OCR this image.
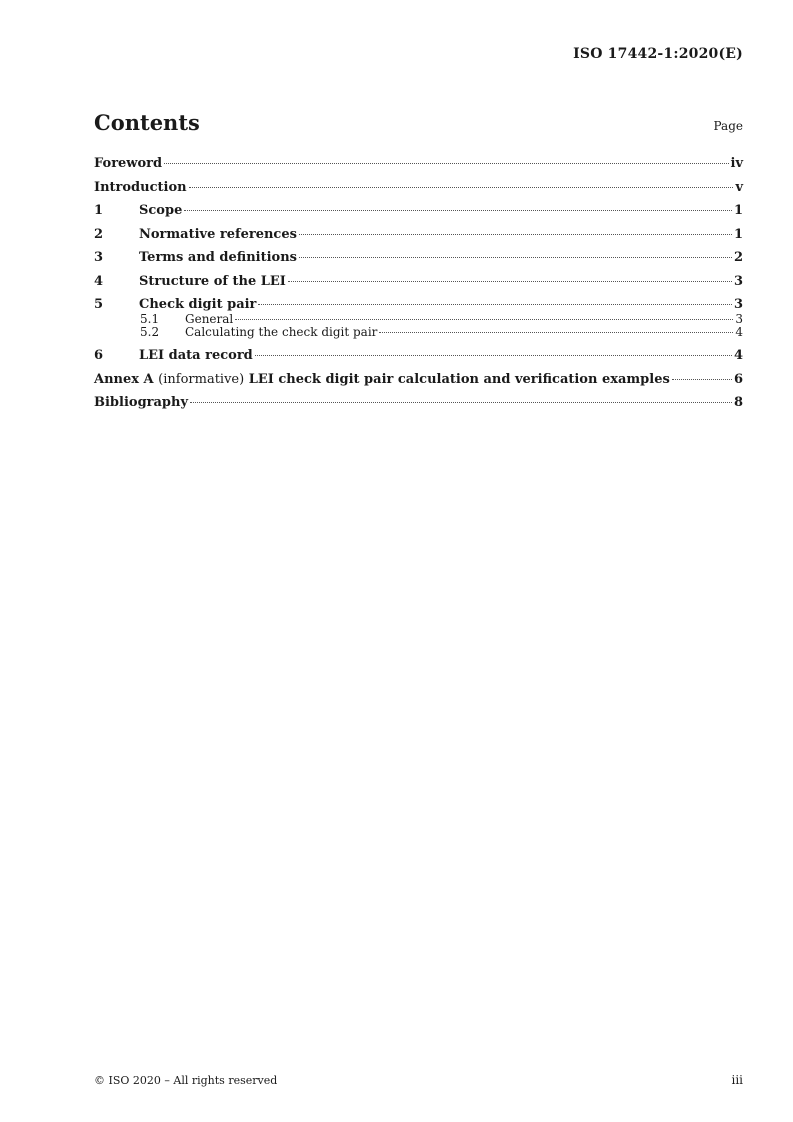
ISO 17442-1:2020(E)
Contents	Page
Foreword	iv
Introduction	v
1	Scope	1
2	Normative references	1
3	Terms and definitions	2
4	Structure of the LEI	3
5	Check digit pair	3
5.1	General	3
5.2	Calculating the check digit pair	4
6	LEI data record	4
Annex A (informative) LEI check digit pair calculation and verification examples	6
Bibliography	8
© ISO 2020 – All rights reserved	iii
